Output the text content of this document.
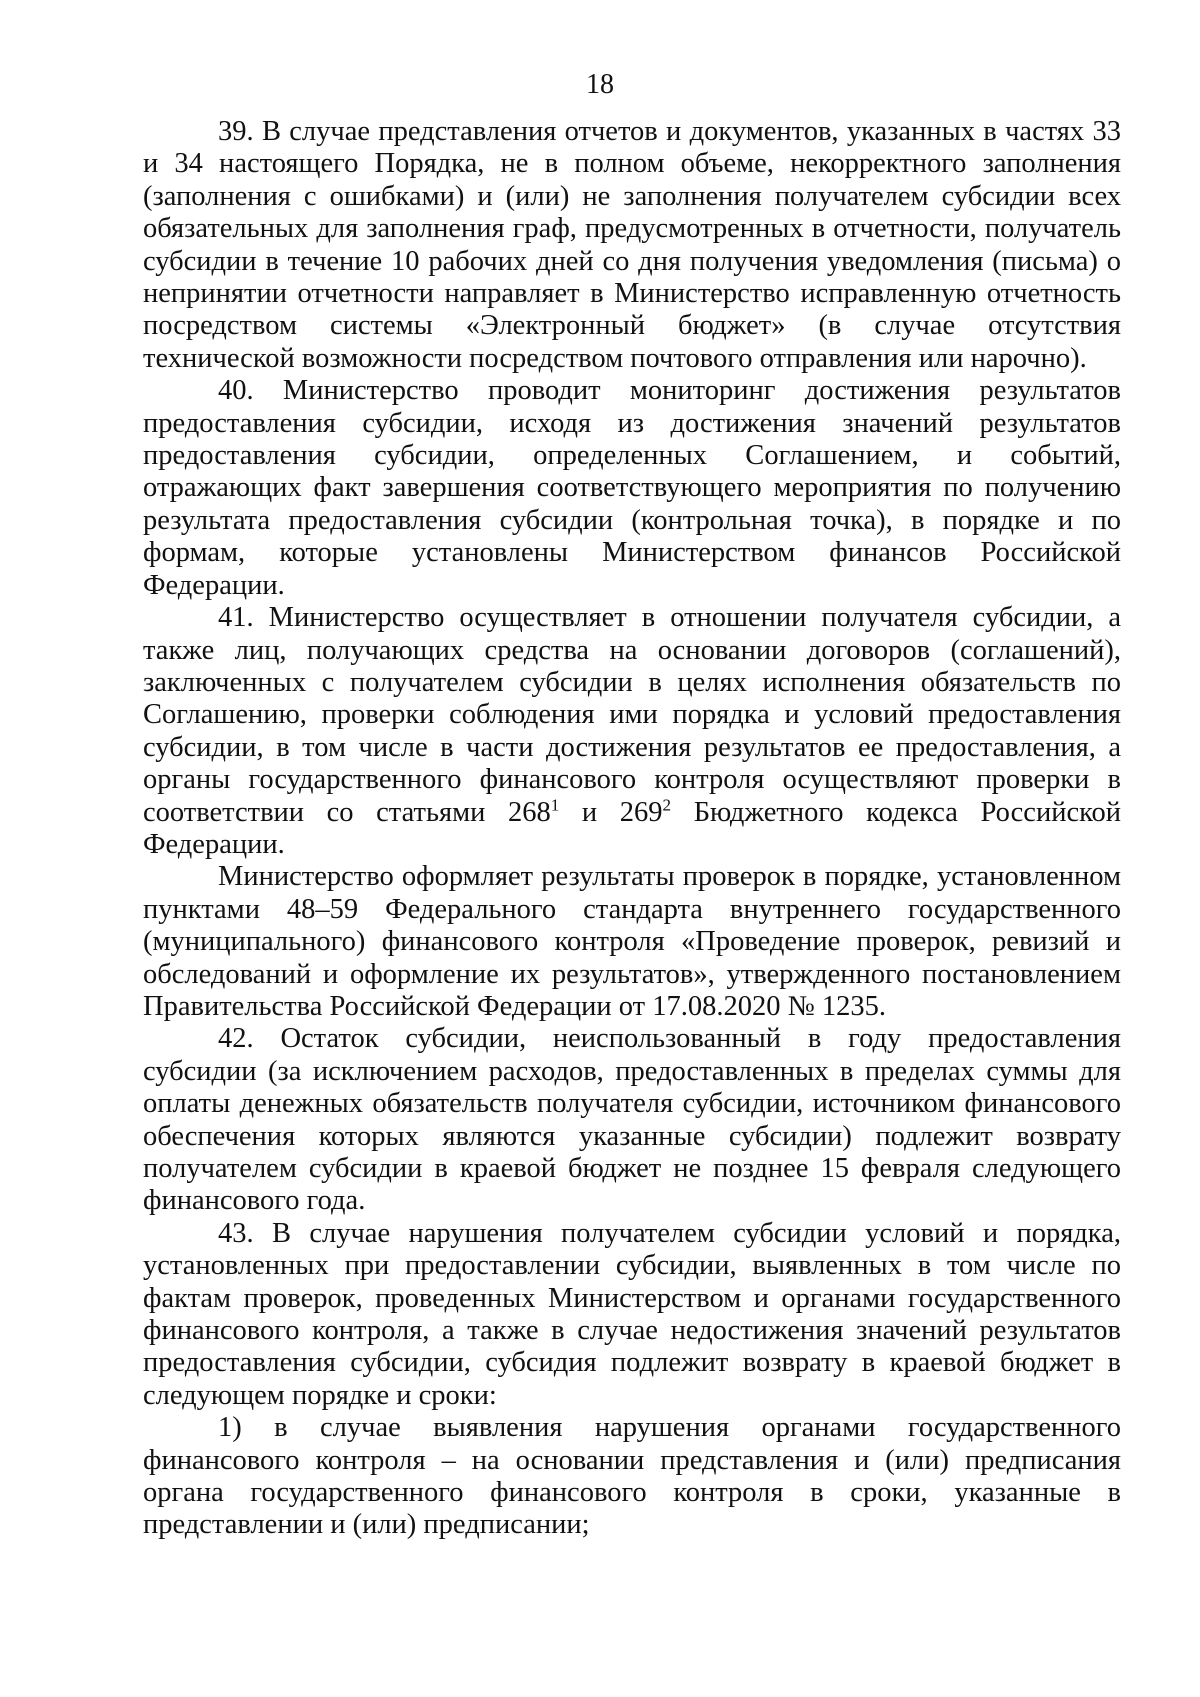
18

39. В случае представления отчетов и документов, указанных в частях 33 и 34 настоящего Порядка, не в полном объеме, некорректного заполнения (заполнения с ошибками) и (или) не заполнения получателем субсидии всех обязательных для заполнения граф, предусмотренных в отчетности, получатель субсидии в течение 10 рабочих дней со дня получения уведомления (письма) о непринятии отчетности направляет в Министерство исправленную отчетность посредством системы «Электронный бюджет» (в случае отсутствия технической возможности посредством почтового отправления или нарочно).

40. Министерство проводит мониторинг достижения результатов предоставления субсидии, исходя из достижения значений результатов предоставления субсидии, определенных Соглашением, и событий, отражающих факт завершения соответствующего мероприятия по получению результата предоставления субсидии (контрольная точка), в порядке и по формам, которые установлены Министерством финансов Российской Федерации.

41. Министерство осуществляет в отношении получателя субсидии, а также лиц, получающих средства на основании договоров (соглашений), заключенных с получателем субсидии в целях исполнения обязательств по Соглашению, проверки соблюдения ими порядка и условий предоставления субсидии, в том числе в части достижения результатов ее предоставления, а органы государственного финансового контроля осуществляют проверки в соответствии со статьями $268^1$ и $269^2$ Бюджетного кодекса Российской Федерации.

Министерство оформляет результаты проверок в порядке, установленном пунктами 48–59 Федерального стандарта внутреннего государственного (муниципального) финансового контроля «Проведение проверок, ревизий и обследований и оформление их результатов», утвержденного постановлением Правительства Российской Федерации от 17.08.2020 № 1235.

42. Остаток субсидии, неиспользованный в году предоставления субсидии (за исключением расходов, предоставленных в пределах суммы для оплаты денежных обязательств получателя субсидии, источником финансового обеспечения которых являются указанные субсидии) подлежит возврату получателем субсидии в краевой бюджет не позднее 15 февраля следующего финансового года.

43. В случае нарушения получателем субсидии условий и порядка, установленных при предоставлении субсидии, выявленных в том числе по фактам проверок, проведенных Министерством и органами государственного финансового контроля, а также в случае недостижения значений результатов предоставления субсидии, субсидия подлежит возврату в краевой бюджет в следующем порядке и сроки:

1) в случае выявления нарушения органами государственного финансового контроля – на основании представления и (или) предписания органа государственного финансового контроля в сроки, указанные в представлении и (или) предписании;
